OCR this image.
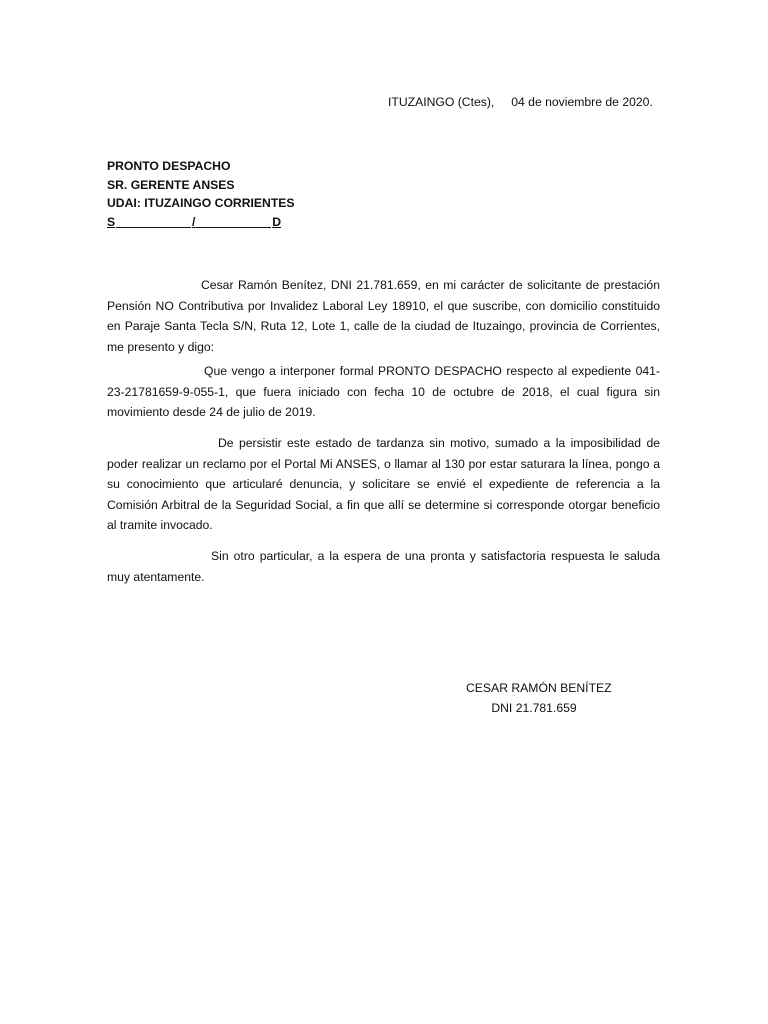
ITUZAINGO (Ctes),     04 de noviembre de 2020.
PRONTO DESPACHO
SR. GERENTE ANSES
UDAI: ITUZAINGO CORRIENTES
S	/	D

Cesar Ramón Benítez, DNI 21.781.659, en mi carácter de solicitante de prestación Pensión NO Contributiva por Invalidez Laboral Ley 18910, el que suscribe, con domicilio constituido en Paraje Santa Tecla S/N, Ruta 12, Lote 1, calle de la ciudad de Ituzaingo, provincia de Corrientes, me presento y digo:

Que vengo a interponer formal PRONTO DESPACHO respecto al expediente 041-23-21781659-9-055-1, que fuera iniciado con fecha 10 de octubre de 2018, el cual figura sin movimiento desde 24 de julio de 2019.

De persistir este estado de tardanza sin motivo, sumado a la imposibilidad de poder realizar un reclamo por el Portal Mi ANSES, o llamar al 130 por estar saturara la línea, pongo a su conocimiento que articularé denuncia, y solicitare se envié el expediente de referencia a la Comisión Arbitral de la Seguridad Social, a fin que allí se determine si corresponde otorgar beneficio al tramite invocado.

Sin otro particular, a la espera de una pronta y satisfactoria respuesta le saluda muy atentamente.

CESAR RAMÓN BENÍTEZ
DNI 21.781.659
